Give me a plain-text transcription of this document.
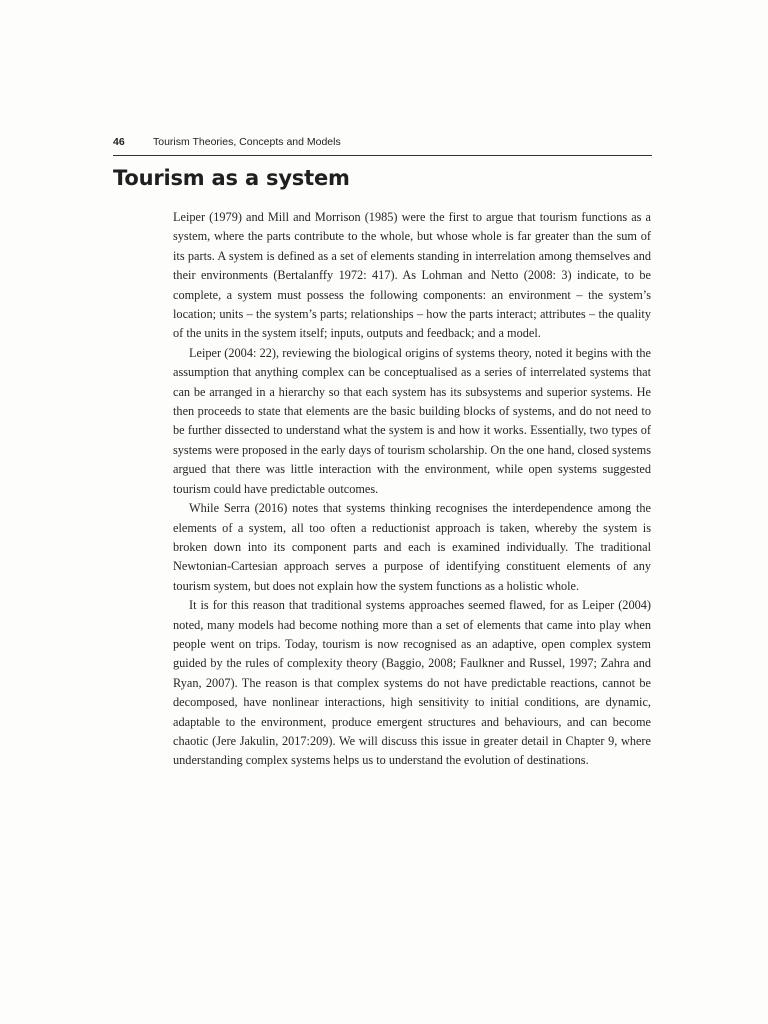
46	Tourism Theories, Concepts and Models
Tourism as a system

Leiper (1979) and Mill and Morrison (1985) were the first to argue that tourism functions as a system, where the parts contribute to the whole, but whose whole is far greater than the sum of its parts. A system is defined as a set of elements standing in interrelation among themselves and their environments (Bertalanffy 1972: 417). As Lohman and Netto (2008: 3) indicate, to be complete, a system must possess the following components: an environment – the system’s location; units – the system’s parts; relationships – how the parts interact; attributes – the quality of the units in the system itself; inputs, outputs and feedback; and a model.

Leiper (2004: 22), reviewing the biological origins of systems theory, noted it begins with the assumption that anything complex can be conceptualised as a series of interrelated systems that can be arranged in a hierarchy so that each system has its subsystems and superior systems. He then proceeds to state that elements are the basic building blocks of systems, and do not need to be further dissected to understand what the system is and how it works. Essentially, two types of systems were proposed in the early days of tourism scholarship. On the one hand, closed systems argued that there was little interaction with the environment, while open systems suggested tourism could have predictable outcomes.

While Serra (2016) notes that systems thinking recognises the interdependence among the elements of a system, all too often a reductionist approach is taken, whereby the system is broken down into its component parts and each is examined individually. The traditional Newtonian-Cartesian approach serves a purpose of identifying constituent elements of any tourism system, but does not explain how the system functions as a holistic whole.

It is for this reason that traditional systems approaches seemed flawed, for as Leiper (2004) noted, many models had become nothing more than a set of elements that came into play when people went on trips. Today, tourism is now recognised as an adaptive, open complex system guided by the rules of complexity theory (Baggio, 2008; Faulkner and Russel, 1997; Zahra and Ryan, 2007). The reason is that complex systems do not have predictable reactions, cannot be decomposed, have nonlinear interactions, high sensitivity to initial conditions, are dynamic, adaptable to the environment, produce emergent structures and behaviours, and can become chaotic (Jere Jakulin, 2017:209). We will discuss this issue in greater detail in Chapter 9, where understanding complex systems helps us to understand the evolution of destinations.
